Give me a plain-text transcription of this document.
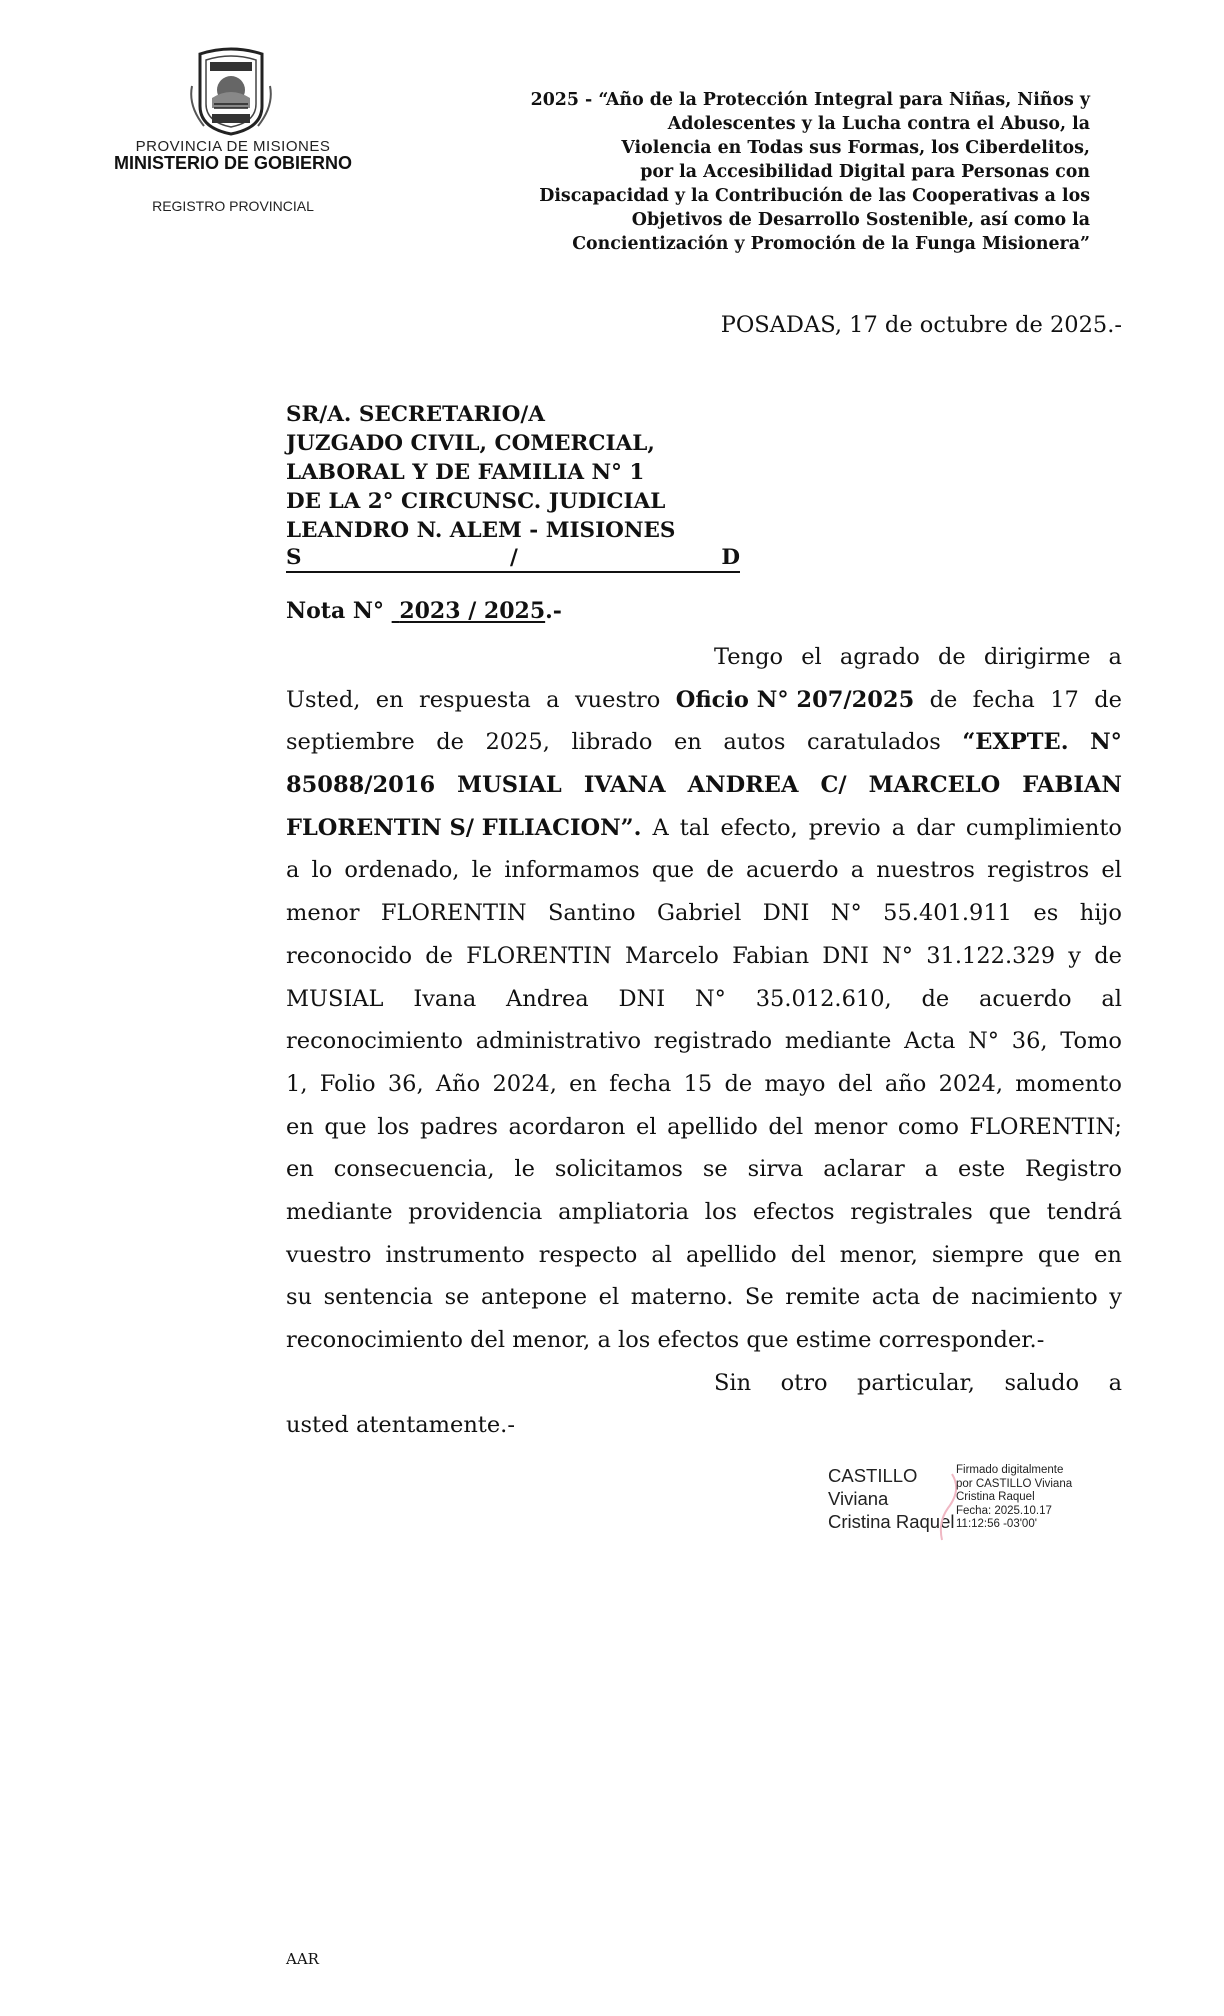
PROVINCIA DE MISIONES
MINISTERIO DE GOBIERNO
REGISTRO PROVINCIAL
2025 - “Año de la Protección Integral para Niñas, Niños y
Adolescentes y la Lucha contra el Abuso, la
Violencia en Todas sus Formas, los Ciberdelitos,
por la Accesibilidad Digital para Personas con
Discapacidad y la Contribución de las Cooperativas a los
Objetivos de Desarrollo Sostenible, así como la
Concientización y Promoción de la Funga Misionera”
POSADAS, 17 de octubre de 2025.-
SR/A. SECRETARIO/A
JUZGADO CIVIL, COMERCIAL,
LABORAL Y DE FAMILIA N° 1
DE LA 2° CIRCUNSC. JUDICIAL
LEANDRO N. ALEM - MISIONES
S	/	D
Nota N° 2023 / 2025.-
Tengo el agrado de dirigirme a
Usted, en respuesta a vuestro Oficio N° 207/2025 de fecha 17 de
septiembre de 2025, librado en autos caratulados “EXPTE. N°
85088/2016 MUSIAL IVANA ANDREA C/ MARCELO FABIAN
FLORENTIN S/ FILIACION”. A tal efecto, previo a dar cumplimiento
a lo ordenado, le informamos que de acuerdo a nuestros registros el
menor FLORENTIN Santino Gabriel DNI N° 55.401.911 es hijo
reconocido de FLORENTIN Marcelo Fabian DNI N° 31.122.329 y de
MUSIAL Ivana Andrea DNI N° 35.012.610, de acuerdo al
reconocimiento administrativo registrado mediante Acta N° 36, Tomo
1, Folio 36, Año 2024, en fecha 15 de mayo del año 2024, momento
en que los padres acordaron el apellido del menor como FLORENTIN;
en consecuencia, le solicitamos se sirva aclarar a este Registro
mediante providencia ampliatoria los efectos registrales que tendrá
vuestro instrumento respecto al apellido del menor, siempre que en
su sentencia se antepone el materno. Se remite acta de nacimiento y
reconocimiento del menor, a los efectos que estime corresponder.-
Sin otro particular, saludo a
usted atentamente.-
CASTILLO
Viviana
Cristina Raquel
Firmado digitalmente
por CASTILLO Viviana
Cristina Raquel
Fecha: 2025.10.17
11:12:56 -03'00'
AAR
